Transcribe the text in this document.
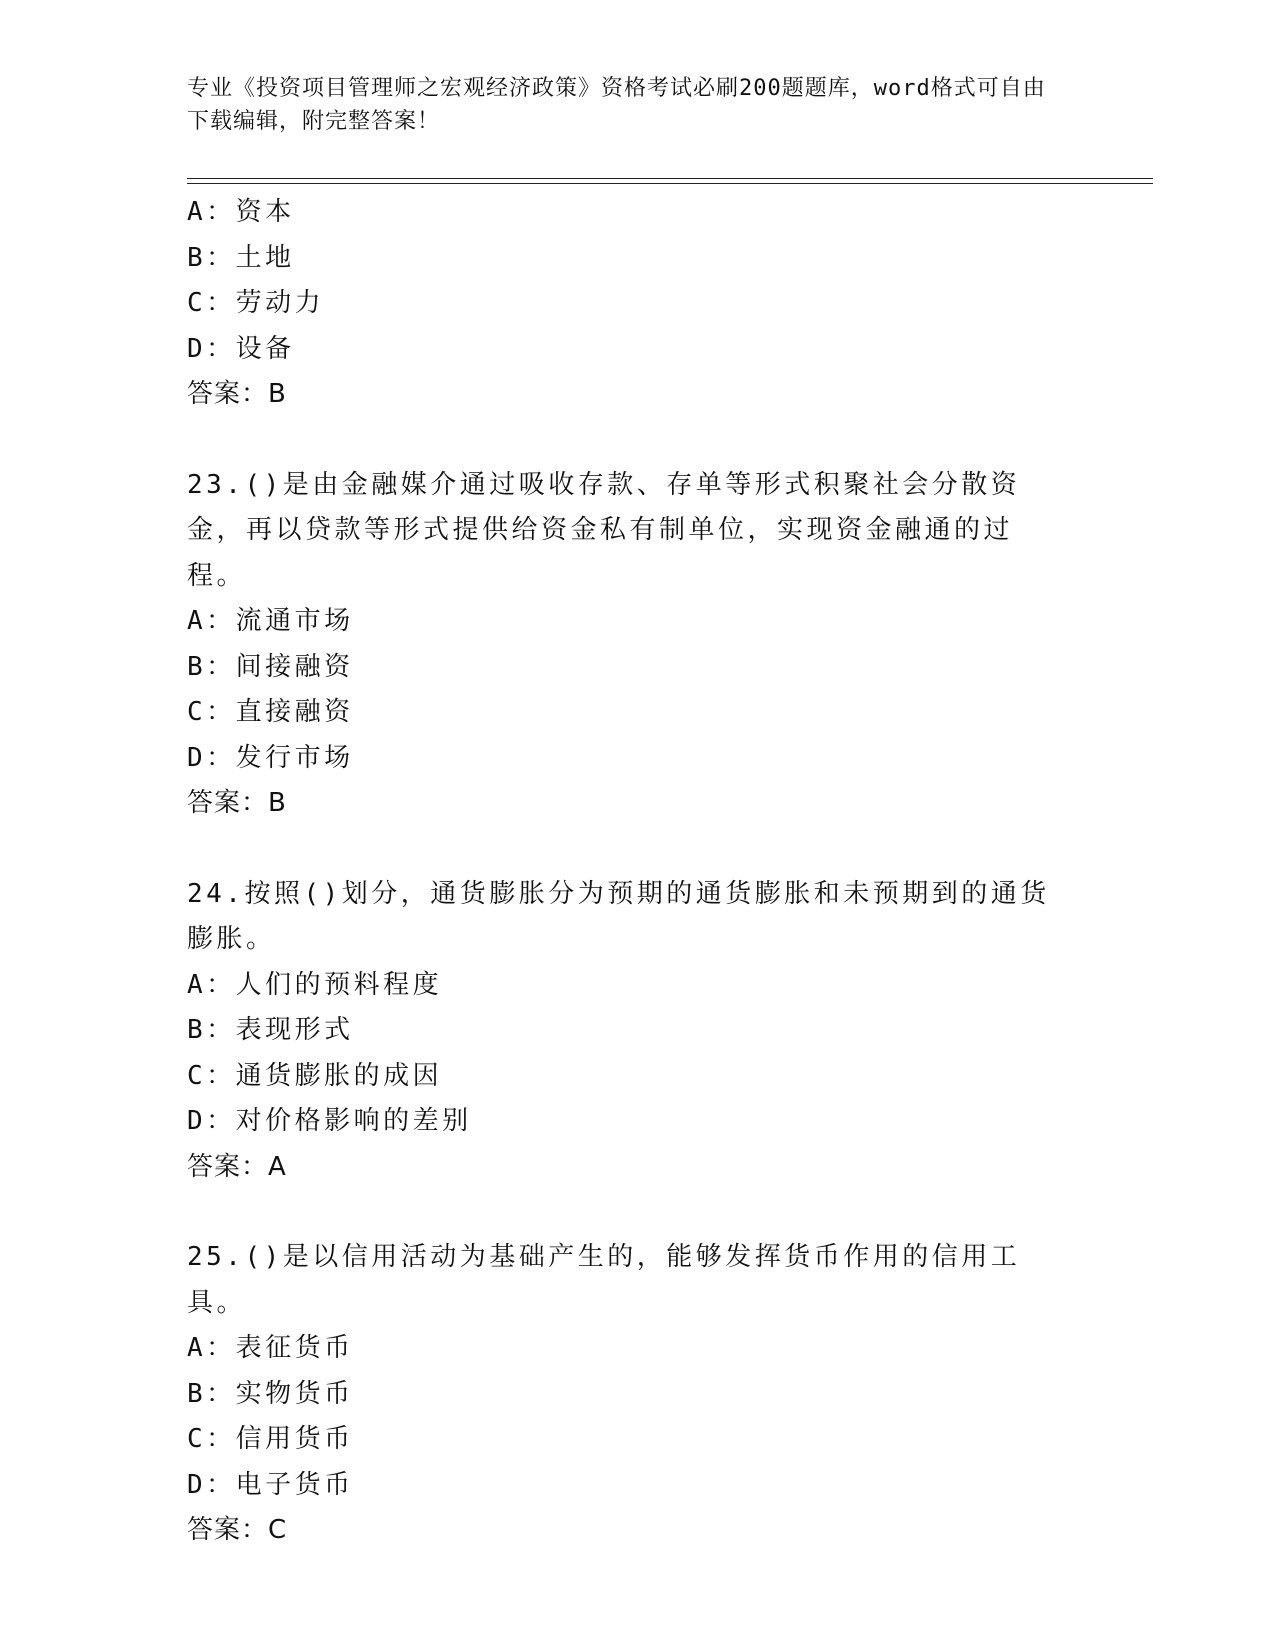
专业《投资项目管理师之宏观经济政策》资格考试必刷200题题库，word格式可自由下载编辑，附完整答案！
A：资本
B：土地
C：劳动力
D：设备
答案：B
23.()是由金融媒介通过吸收存款、存单等形式积聚社会分散资金，再以贷款等形式提供给资金私有制单位，实现资金融通的过程。
A：流通市场
B：间接融资
C：直接融资
D：发行市场
答案：B
24.按照()划分，通货膨胀分为预期的通货膨胀和未预期到的通货膨胀。
A：人们的预料程度
B：表现形式
C：通货膨胀的成因
D：对价格影响的差别
答案：A
25.()是以信用活动为基础产生的，能够发挥货币作用的信用工具。
A：表征货币
B：实物货币
C：信用货币
D：电子货币
答案：C
